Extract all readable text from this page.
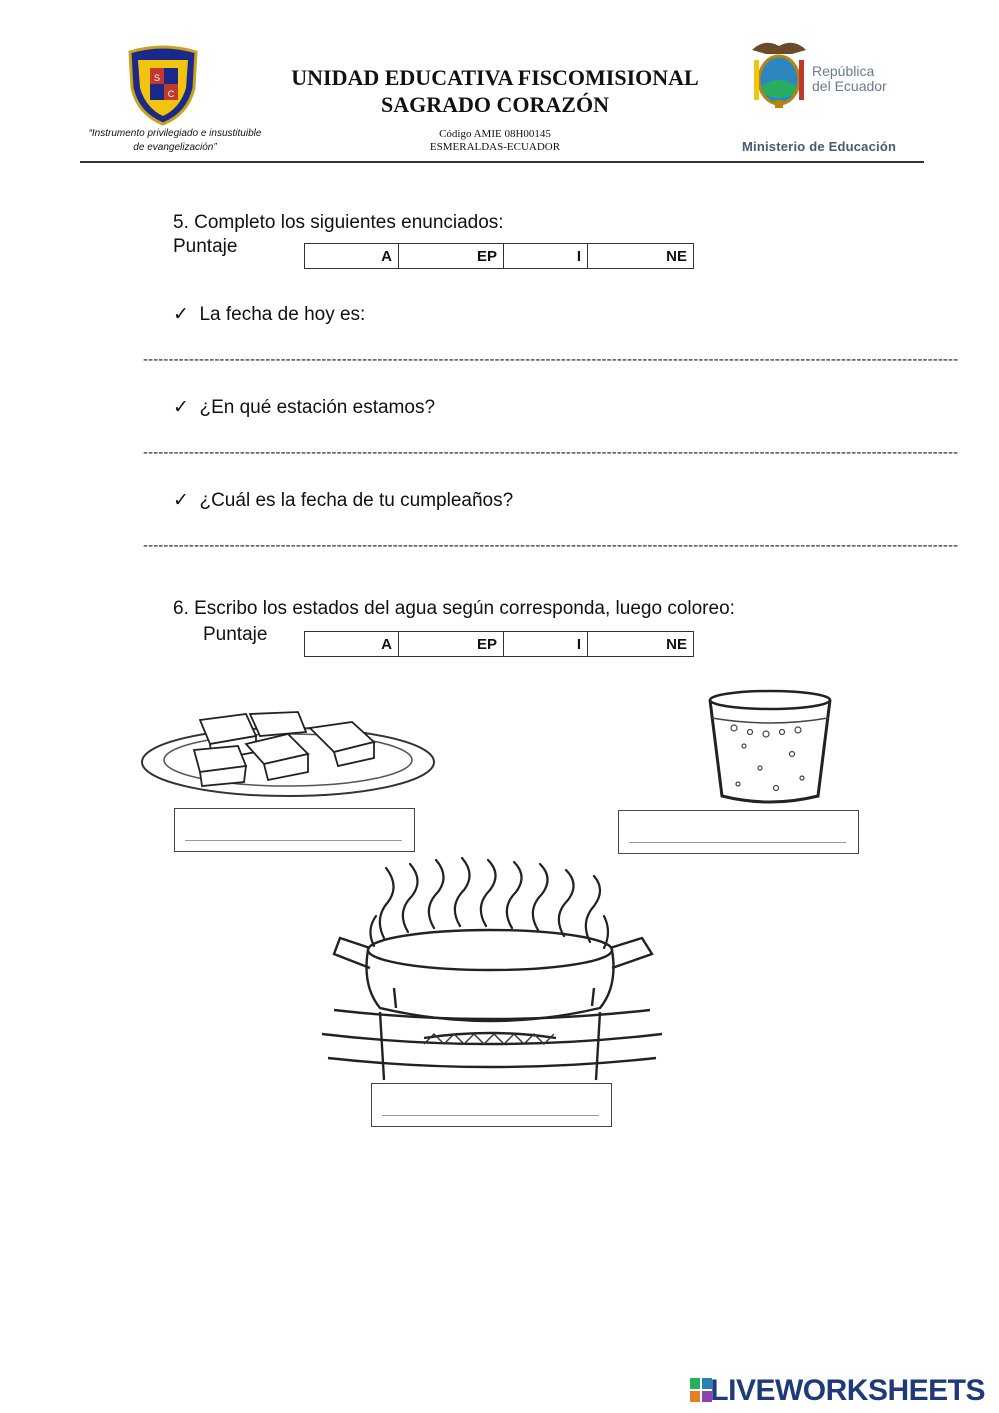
S
C
“Instrumento privilegiado e insustituible
de evangelización”
UNIDAD EDUCATIVA FISCOMISIONAL
SAGRADO CORAZÓN
Código AMIE 08H00145
ESMERALDAS-ECUADOR
República
del Ecuador
Ministerio de Educación
5. Completo los siguientes enunciados:
Puntaje	A	EP	I	NE
✓ La fecha de hoy es:
----------------------------------------------------------------------------------------------------------------------------------------------------------------
✓ ¿En qué estación estamos?
----------------------------------------------------------------------------------------------------------------------------------------------------------------
✓ ¿Cuál es la fecha de tu cumpleaños?
----------------------------------------------------------------------------------------------------------------------------------------------------------------
6. Escribo los estados del agua según corresponda, luego coloreo:
Puntaje	A	EP	I	NE
LIVEWORKSHEETS
